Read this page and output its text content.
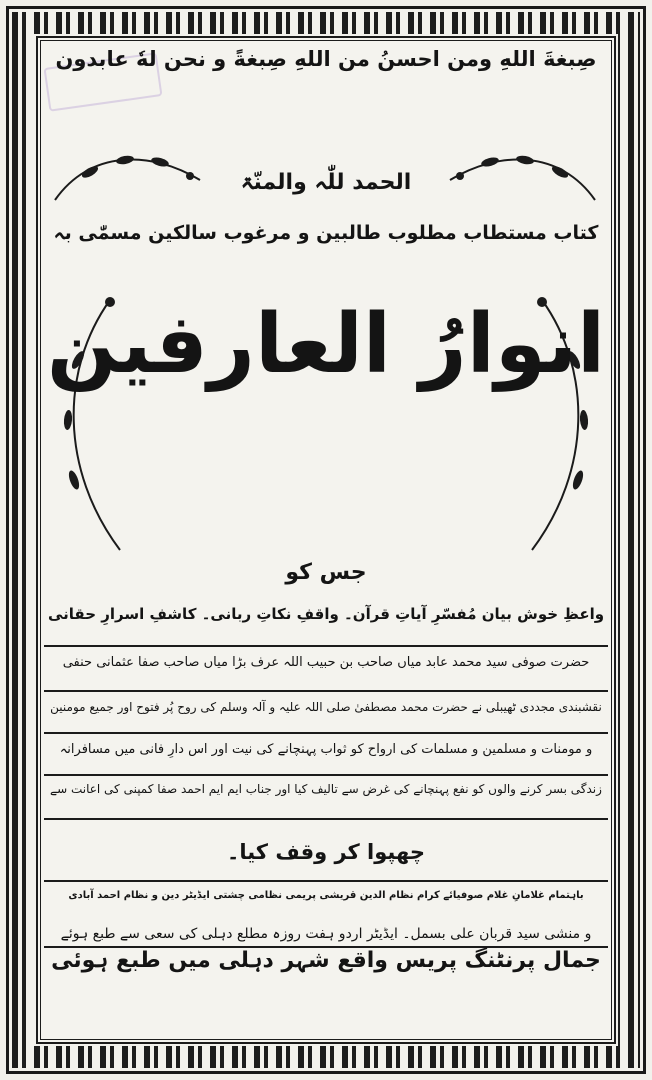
صِبغةَ اللهِ ومن احسنُ من اللهِ صِبغةً و نحن لهٗ عابدون
الحمد للّٰہ والمنّۃ
کتاب مستطاب مطلوب طالبین و مرغوب سالکین مسمّٰی بہ
انوارُ العارفین
جس کو
واعظِ خوش بیان مُفسّرِ آیاتِ قرآن۔ واقفِ نکاتِ ربانی۔ کاشفِ اسرارِ حقانی
حضرت صوفی سید محمد عابد میاں صاحب بن حبیب اللہ عرف بڑا میاں صاحب صفا عثمانی حنفی
نقشبندی مجددی ٹھیبلی نے حضرت محمد مصطفیٰ صلی اللہ علیہ و آلہ وسلم کی روح پُر فتوح اور جمیع مومنین
و مومنات و مسلمین و مسلمات کی ارواح کو ثواب پہنچانے کی نیت اور اس دارِ فانی میں مسافرانہ
زندگی بسر کرنے والوں کو نفع پہنچانے کی غرض سے تالیف کیا اور جناب ایم ایم احمد صفا کمپنی کی اعانت سے
چھپوا کر وقف کیا۔
باہتمام غلامانِ غلام صوفیائے کرام نظام الدین قریشی پریمی نظامی چشتی ایڈیٹر دین و نظام احمد آبادی
و منشی سید قربان علی بسمل۔ ایڈیٹر اردو ہفت روزہ مطلع دہلی کی سعی سے طبع ہوئے
جمال پرنٹنگ پریس واقع شہر دہلی میں طبع ہوئی
